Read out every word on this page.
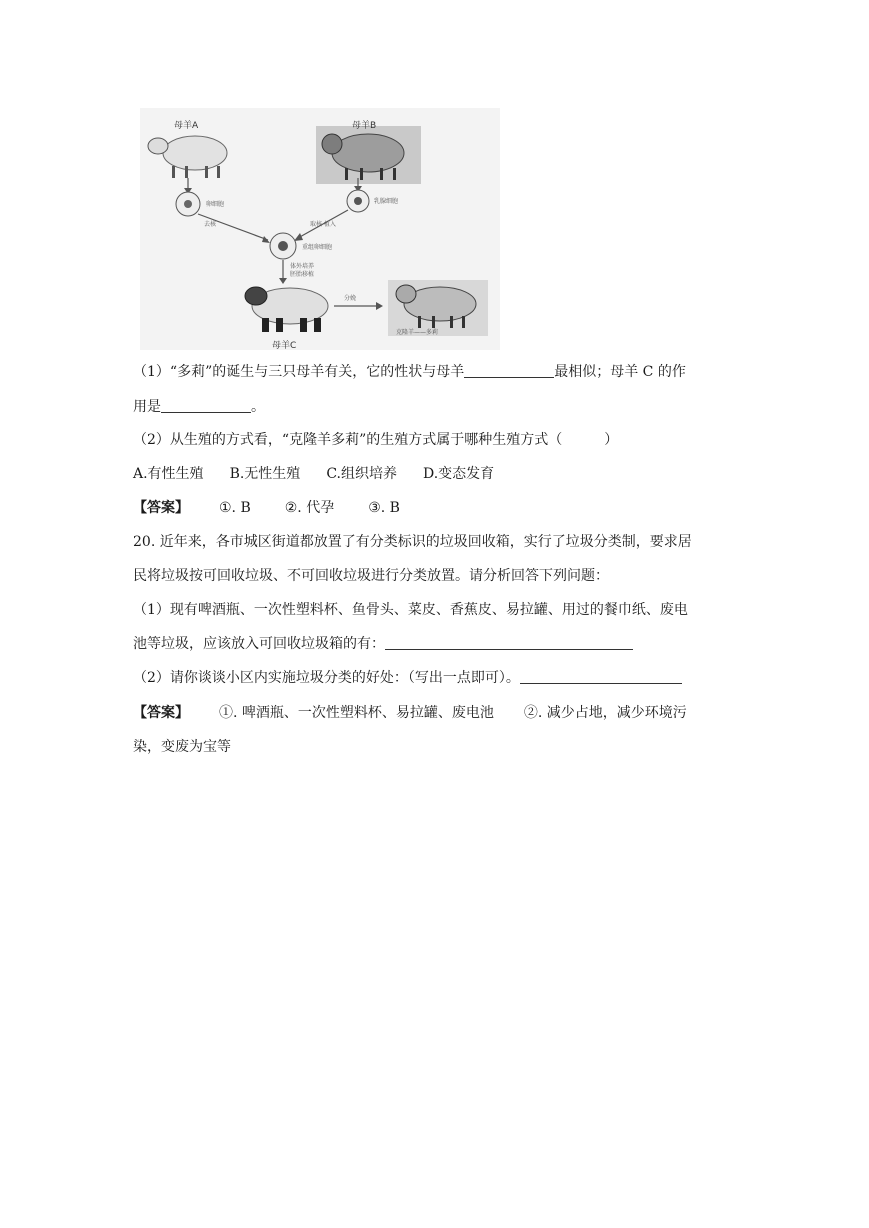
母羊A	母羊B
卵细胞	乳腺细胞
去核	取核 植入
重组卵细胞
体外培养
胚胎移植
母羊C
分娩
克隆羊——多莉
（1）“多莉”的诞生与三只母羊有关，它的性状与母羊	最相似；母羊 C 的作
用是	。
（2）从生殖的方式看，“克隆羊多莉”的生殖方式属于哪种生殖方式（　　　）
A.有性生殖 B.无性生殖 C.组织培养 D.变态发育
【答案】 ①. B ②. 代孕 ③. B
20. 近年来，各市城区街道都放置了有分类标识的垃圾回收箱，实行了垃圾分类制，要求居
民将垃圾按可回收垃圾、不可回收垃圾进行分类放置。请分析回答下列问题：
（1）现有啤酒瓶、一次性塑料杯、鱼骨头、菜皮、香蕉皮、易拉罐、用过的餐巾纸、废电
池等垃圾，应该放入可回收垃圾箱的有：
（2）请你谈谈小区内实施垃圾分类的好处：（写出一点即可）。
【答案】 ①. 啤酒瓶、一次性塑料杯、易拉罐、废电池 ②. 减少占地，减少环境污
染，变废为宝等
